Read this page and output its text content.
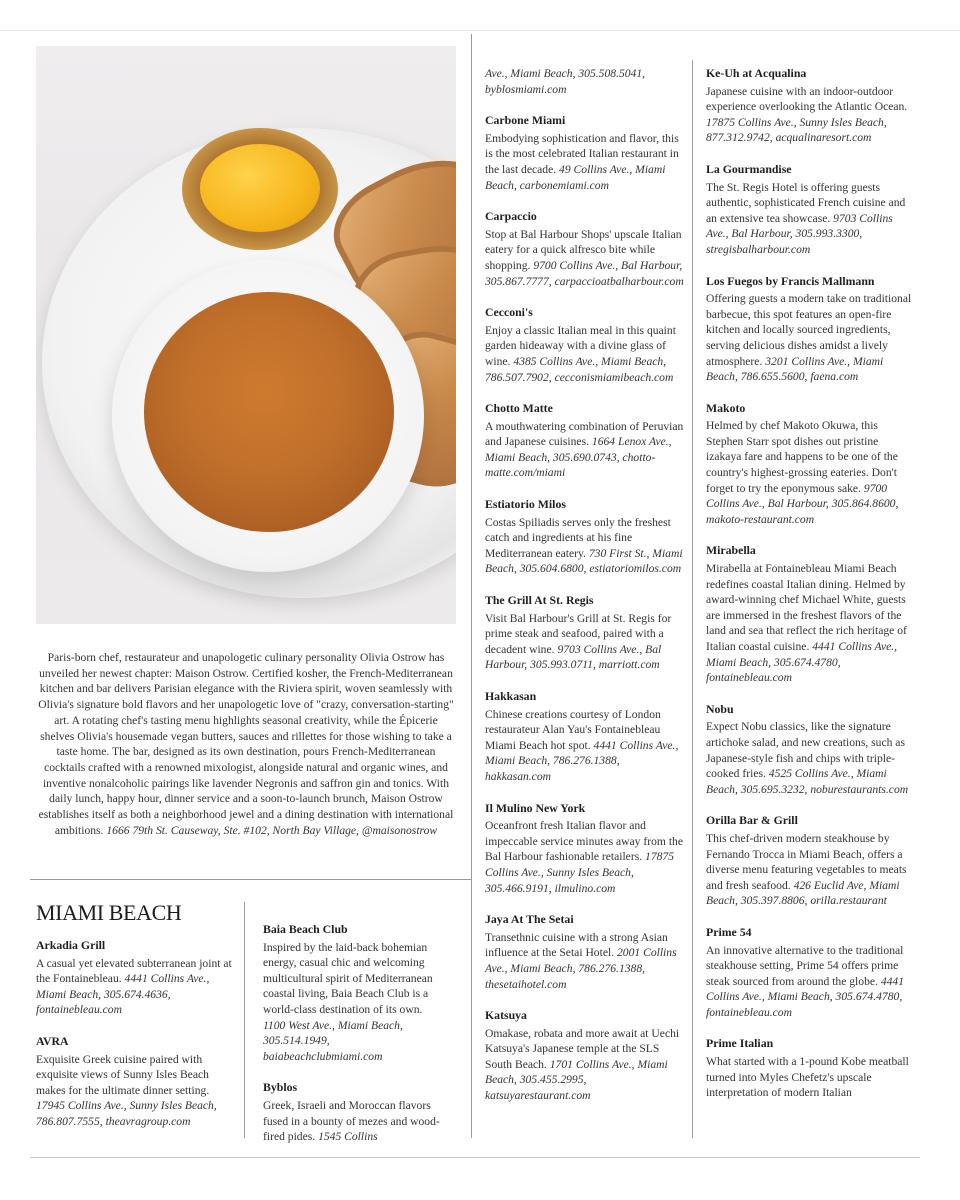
Paris-born chef, restaurateur and unapologetic culinary personality Olivia Ostrow has unveiled her newest chapter: Maison Ostrow. Certified kosher, the French-Mediterranean kitchen and bar delivers Parisian elegance with the Riviera spirit, woven seamlessly with Olivia's signature bold flavors and her unapologetic love of "crazy, conversation-starting" art. A rotating chef's tasting menu highlights seasonal creativity, while the Épicerie shelves Olivia's housemade vegan butters, sauces and rillettes for those wishing to take a taste home. The bar, designed as its own destination, pours French-Mediterranean cocktails crafted with a renowned mixologist, alongside natural and organic wines, and inventive nonalcoholic pairings like lavender Negronis and saffron gin and tonics. With daily lunch, happy hour, dinner service and a soon-to-launch brunch, Maison Ostrow establishes itself as both a neighborhood jewel and a dining destination with international ambitions. 1666 79th St. Causeway, Ste. #102, North Bay Village, @maisonostrow
MIAMI BEACH
Arkadia Grill
A casual yet elevated subterranean joint at the Fontainebleau. 4441 Collins Ave., Miami Beach, 305.674.4636, fontainebleau.com
AVRA
Exquisite Greek cuisine paired with exquisite views of Sunny Isles Beach makes for the ultimate dinner setting. 17945 Collins Ave., Sunny Isles Beach, 786.807.7555, theavragroup.com
Baia Beach Club
Inspired by the laid-back bohemian energy, casual chic and welcoming multicultural spirit of Mediterranean coastal living, Baia Beach Club is a world-class destination of its own. 1100 West Ave., Miami Beach, 305.514.1949, baiabeachclubmiami.com
Byblos
Greek, Israeli and Moroccan flavors fused in a bounty of mezes and wood-fired pides. 1545 Collins
Ave., Miami Beach, 305.508.5041, byblosmiami.com
Carbone Miami
Embodying sophistication and flavor, this is the most celebrated Italian restaurant in the last decade. 49 Collins Ave., Miami Beach, carbonemiami.com
Carpaccio
Stop at Bal Harbour Shops' upscale Italian eatery for a quick alfresco bite while shopping. 9700 Collins Ave., Bal Harbour, 305.867.7777, carpaccioatbalharbour.com
Cecconi's
Enjoy a classic Italian meal in this quaint garden hideaway with a divine glass of wine. 4385 Collins Ave., Miami Beach, 786.507.7902, cecconismiamibeach.com
Chotto Matte
A mouthwatering combination of Peruvian and Japanese cuisines. 1664 Lenox Ave., Miami Beach, 305.690.0743, chotto-matte.com/miami
Estiatorio Milos
Costas Spiliadis serves only the freshest catch and ingredients at his fine Mediterranean eatery. 730 First St., Miami Beach, 305.604.6800, estiatoriomilos.com
The Grill At St. Regis
Visit Bal Harbour's Grill at St. Regis for prime steak and seafood, paired with a decadent wine. 9703 Collins Ave., Bal Harbour, 305.993.0711, marriott.com
Hakkasan
Chinese creations courtesy of London restaurateur Alan Yau's Fontainebleau Miami Beach hot spot. 4441 Collins Ave., Miami Beach, 786.276.1388, hakkasan.com
Il Mulino New York
Oceanfront fresh Italian flavor and impeccable service minutes away from the Bal Harbour fashionable retailers. 17875 Collins Ave., Sunny Isles Beach, 305.466.9191, ilmulino.com
Jaya At The Setai
Transethnic cuisine with a strong Asian influence at the Setai Hotel. 2001 Collins Ave., Miami Beach, 786.276.1388, thesetaihotel.com
Katsuya
Omakase, robata and more await at Uechi Katsuya's Japanese temple at the SLS South Beach. 1701 Collins Ave., Miami Beach, 305.455.2995, katsuyarestaurant.com
Ke-Uh at Acqualina
Japanese cuisine with an indoor-outdoor experience overlooking the Atlantic Ocean. 17875 Collins Ave., Sunny Isles Beach, 877.312.9742, acqualinaresort.com
La Gourmandise
The St. Regis Hotel is offering guests authentic, sophisticated French cuisine and an extensive tea showcase. 9703 Collins Ave., Bal Harbour, 305.993.3300, stregisbalharbour.com
Los Fuegos by Francis Mallmann
Offering guests a modern take on traditional barbecue, this spot features an open-fire kitchen and locally sourced ingredients, serving delicious dishes amidst a lively atmosphere. 3201 Collins Ave., Miami Beach, 786.655.5600, faena.com
Makoto
Helmed by chef Makoto Okuwa, this Stephen Starr spot dishes out pristine izakaya fare and happens to be one of the country's highest-grossing eateries. Don't forget to try the eponymous sake. 9700 Collins Ave., Bal Harbour, 305.864.8600, makoto-restaurant.com
Mirabella
Mirabella at Fontainebleau Miami Beach redefines coastal Italian dining. Helmed by award-winning chef Michael White, guests are immersed in the freshest flavors of the land and sea that reflect the rich heritage of Italian coastal cuisine. 4441 Collins Ave., Miami Beach, 305.674.4780, fontainebleau.com
Nobu
Expect Nobu classics, like the signature artichoke salad, and new creations, such as Japanese-style fish and chips with triple-cooked fries. 4525 Collins Ave., Miami Beach, 305.695.3232, noburestaurants.com
Orilla Bar & Grill
This chef-driven modern steakhouse by Fernando Trocca in Miami Beach, offers a diverse menu featuring vegetables to meats and fresh seafood. 426 Euclid Ave, Miami Beach, 305.397.8806, orilla.restaurant
Prime 54
An innovative alternative to the traditional steakhouse setting, Prime 54 offers prime steak sourced from around the globe. 4441 Collins Ave., Miami Beach, 305.674.4780, fontainebleau.com
Prime Italian
What started with a 1-pound Kobe meatball turned into Myles Chefetz's upscale interpretation of modern Italian
